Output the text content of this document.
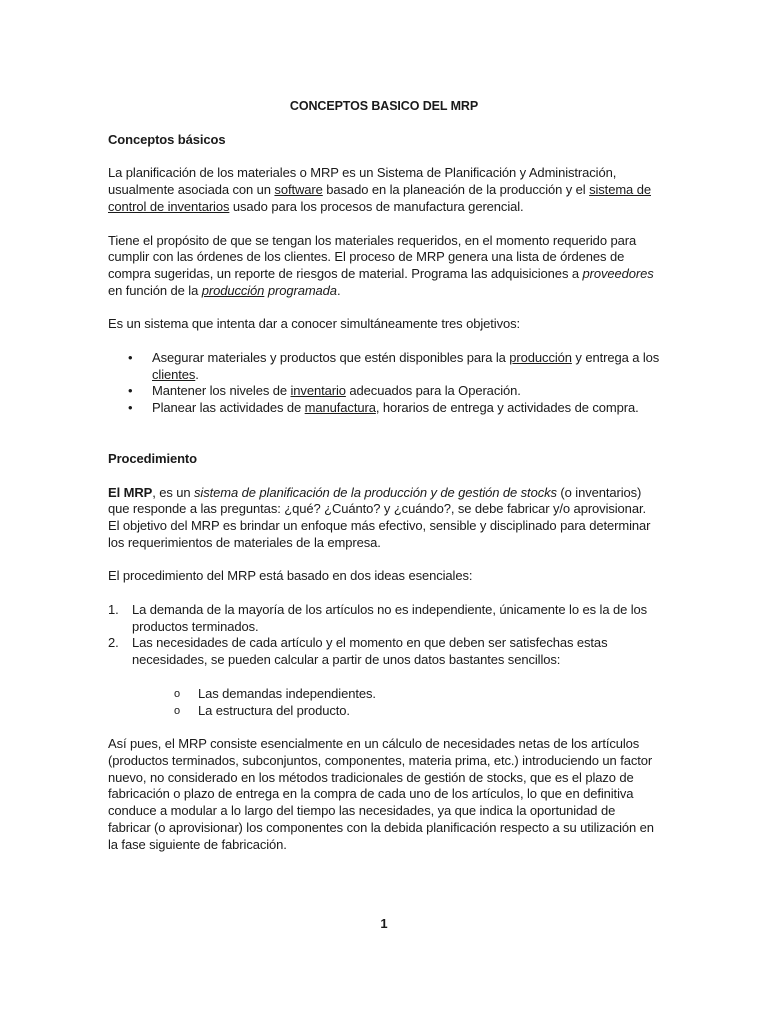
CONCEPTOS BASICO DEL MRP
Conceptos básicos

La planificación de los materiales o MRP es un Sistema de Planificación y Administración, usualmente asociada con un software basado en la planeación de la producción y el sistema de control de inventarios usado para los procesos de manufactura gerencial.

Tiene el propósito de que se tengan los materiales requeridos, en el momento requerido para cumplir con las órdenes de los clientes. El proceso de MRP genera una lista de órdenes de compra sugeridas, un reporte de riesgos de material. Programa las adquisiciones a proveedores en función de la producción programada.

Es un sistema que intenta dar a conocer simultáneamente tres objetivos:

• Asegurar materiales y productos que estén disponibles para la producción y entrega a los clientes.
• Mantener los niveles de inventario adecuados para la Operación.
• Planear las actividades de manufactura, horarios de entrega y actividades de compra.
Procedimiento

El MRP, es un sistema de planificación de la producción y de gestión de stocks (o inventarios) que responde a las preguntas: ¿qué? ¿Cuánto? y ¿cuándo?, se debe fabricar y/o aprovisionar. El objetivo del MRP es brindar un enfoque más efectivo, sensible y disciplinado para determinar los requerimientos de materiales de la empresa.

El procedimiento del MRP está basado en dos ideas esenciales:

1. La demanda de la mayoría de los artículos no es independiente, únicamente lo es la de los productos terminados.
2. Las necesidades de cada artículo y el momento en que deben ser satisfechas estas necesidades, se pueden calcular a partir de unos datos bastantes sencillos:
o Las demandas independientes.
o La estructura del producto.

Así pues, el MRP consiste esencialmente en un cálculo de necesidades netas de los artículos (productos terminados, subconjuntos, componentes, materia prima, etc.) introduciendo un factor nuevo, no considerado en los métodos tradicionales de gestión de stocks, que es el plazo de fabricación o plazo de entrega en la compra de cada uno de los artículos, lo que en definitiva conduce a modular a lo largo del tiempo las necesidades, ya que indica la oportunidad de fabricar (o aprovisionar) los componentes con la debida planificación respecto a su utilización en la fase siguiente de fabricación.

1
